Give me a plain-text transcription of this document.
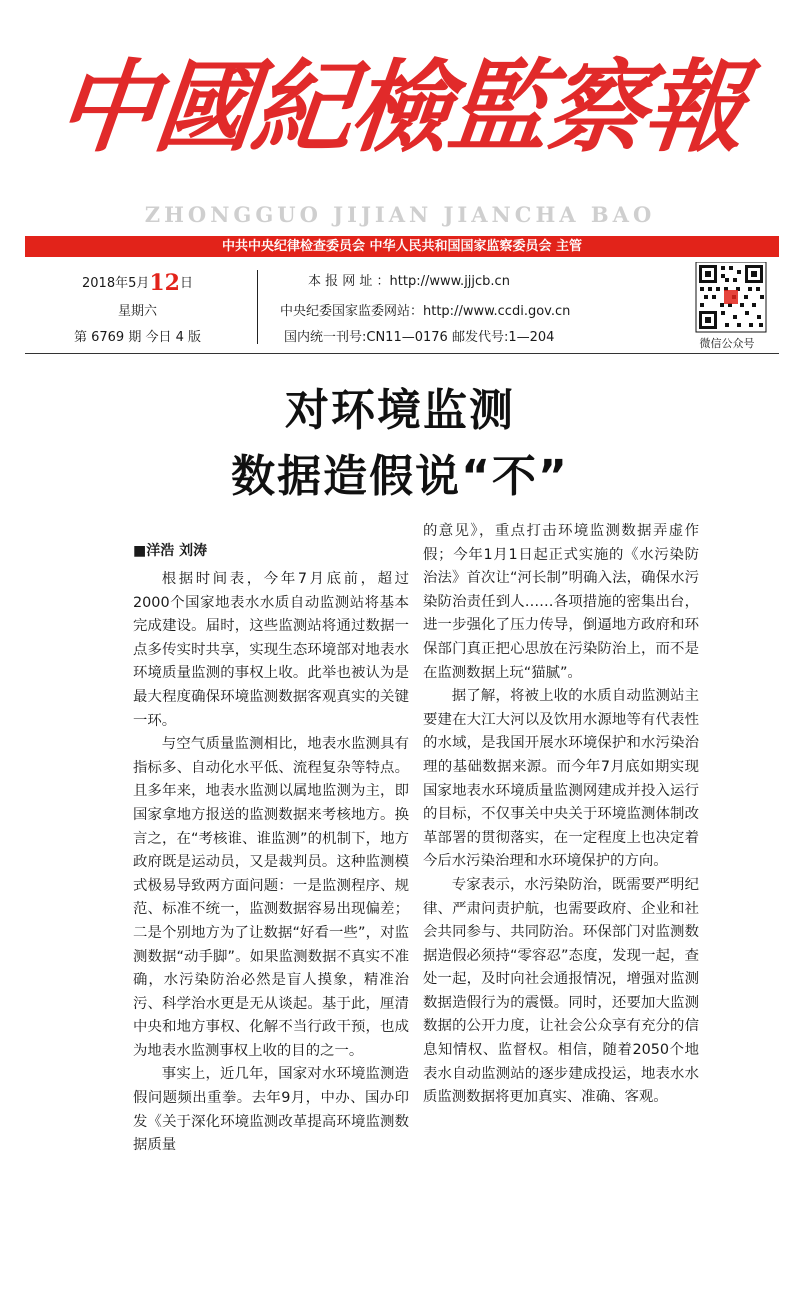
中國紀檢監察報
ZHONGGUO JIJIAN JIANCHA BAO
中共中央纪律检查委员会 中华人民共和国国家监察委员会 主管
2018年5月12日
星期六
第 6769 期 今日 4 版
本 报 网 址 ：http://www.jjjcb.cn
中央纪委国家监委网站：http://www.ccdi.gov.cn
国内统一刊号:CN11—0176 邮发代号:1—204	微信公众号
对环境监测
数据造假说“不”
■洋浩 刘涛

根据时间表，今年7月底前，超过2000个国家地表水水质自动监测站将基本完成建设。届时，这些监测站将通过数据一点多传实时共享，实现生态环境部对地表水环境质量监测的事权上收。此举也被认为是最大程度确保环境监测数据客观真实的关键一环。

与空气质量监测相比，地表水监测具有指标多、自动化水平低、流程复杂等特点。且多年来，地表水监测以属地监测为主，即国家拿地方报送的监测数据来考核地方。换言之，在“考核谁、谁监测”的机制下，地方政府既是运动员，又是裁判员。这种监测模式极易导致两方面问题：一是监测程序、规范、标准不统一，监测数据容易出现偏差；二是个别地方为了让数据“好看一些”，对监测数据“动手脚”。如果监测数据不真实不准确，水污染防治必然是盲人摸象，精准治污、科学治水更是无从谈起。基于此，厘清中央和地方事权、化解不当行政干预，也成为地表水监测事权上收的目的之一。

事实上，近几年，国家对水环境监测造假问题频出重拳。去年9月，中办、国办印发《关于深化环境监测改革提高环境监测数据质量

的意见》，重点打击环境监测数据弄虚作假；今年1月1日起正式实施的《水污染防治法》首次让“河长制”明确入法，确保水污染防治责任到人……各项措施的密集出台，进一步强化了压力传导，倒逼地方政府和环保部门真正把心思放在污染防治上，而不是在监测数据上玩“猫腻”。

据了解，将被上收的水质自动监测站主要建在大江大河以及饮用水源地等有代表性的水域，是我国开展水环境保护和水污染治理的基础数据来源。而今年7月底如期实现国家地表水环境质量监测网建成并投入运行的目标，不仅事关中央关于环境监测体制改革部署的贯彻落实，在一定程度上也决定着今后水污染治理和水环境保护的方向。

专家表示，水污染防治，既需要严明纪律、严肃问责护航，也需要政府、企业和社会共同参与、共同防治。环保部门对监测数据造假必须持“零容忍”态度，发现一起，查处一起，及时向社会通报情况，增强对监测数据造假行为的震慑。同时，还要加大监测数据的公开力度，让社会公众享有充分的信息知情权、监督权。相信，随着2050个地表水自动监测站的逐步建成投运，地表水水质监测数据将更加真实、准确、客观。
